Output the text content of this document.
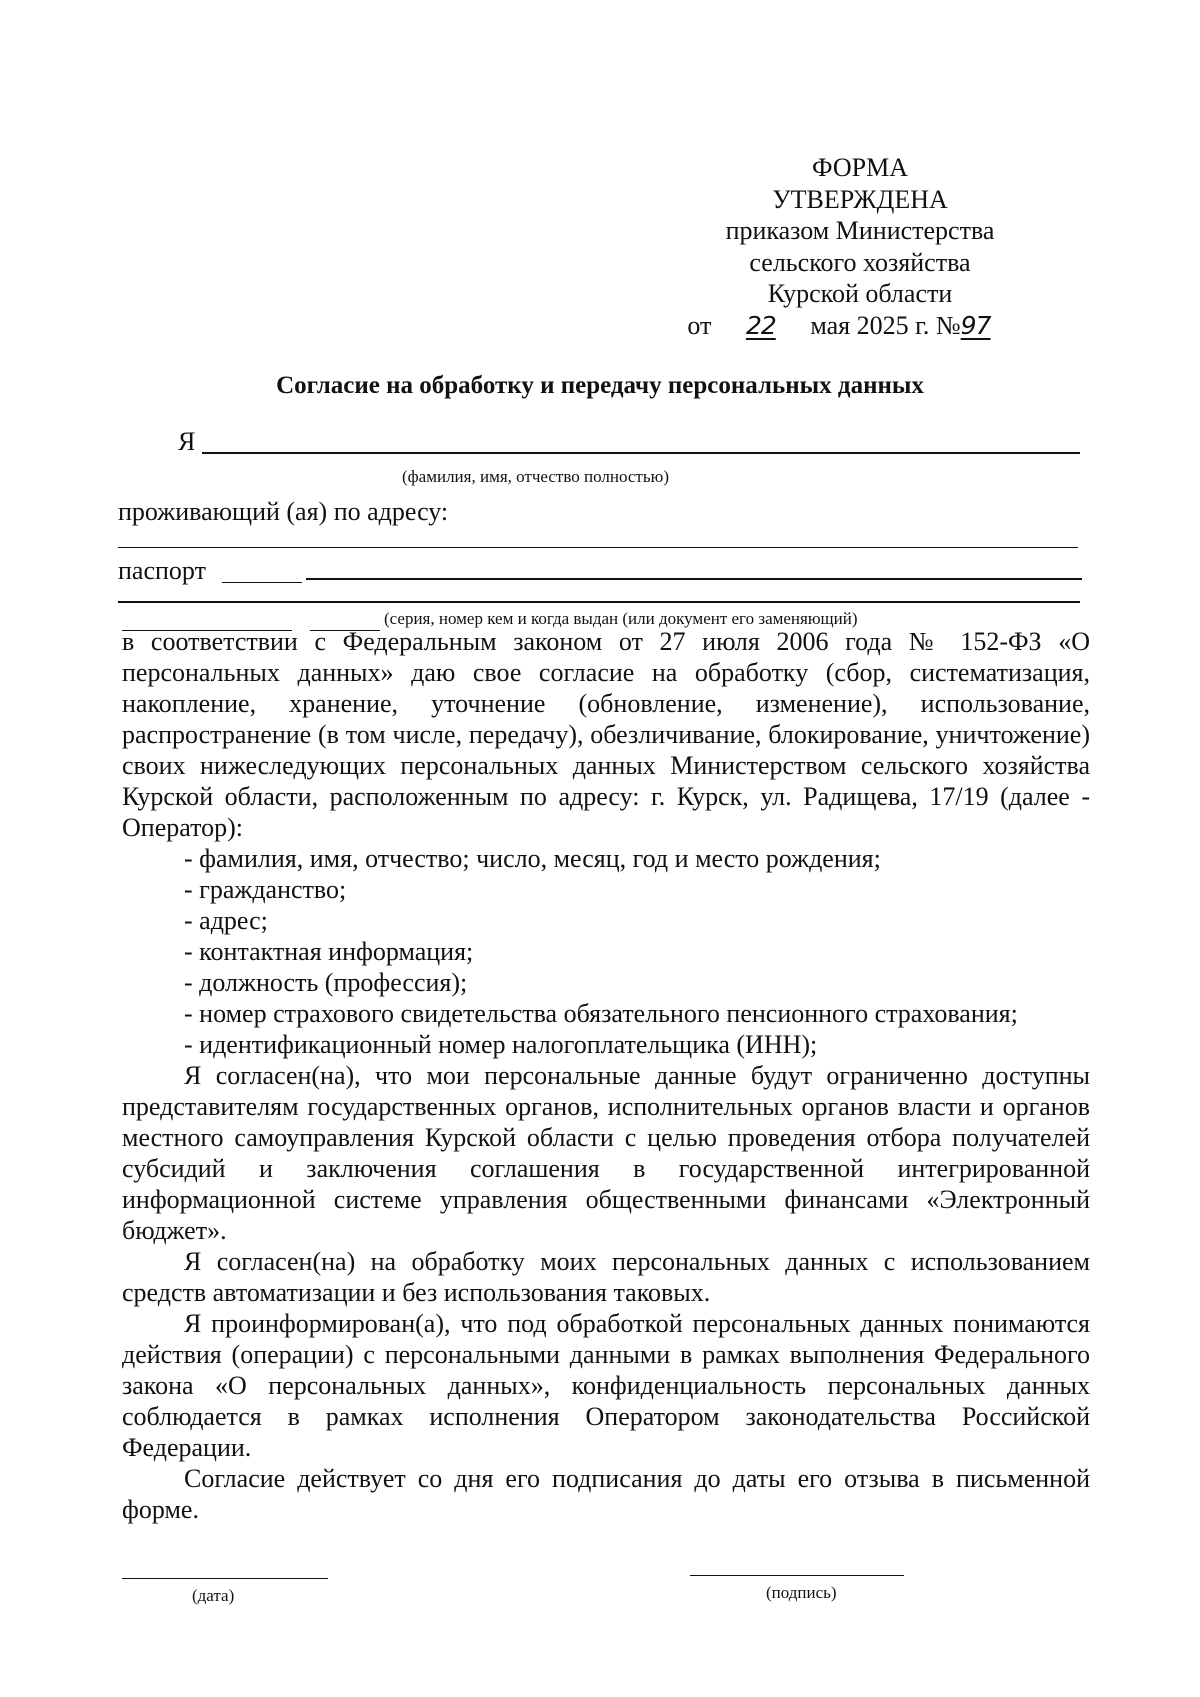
ФОРМА
УТВЕРЖДЕНА
приказом Министерства
сельского хозяйства
Курской области
от 22 мая 2025 г. №97
Согласие на обработку и передачу персональных данных
Я
(фамилия, имя, отчество полностью)
проживающий (ая) по адресу:
паспорт
(серия, номер кем и когда выдан (или документ его заменяющий)

в соответствии с Федеральным законом от 27 июля 2006 года № 152-ФЗ «О персональных данных» даю свое согласие на обработку (сбор, систематизация, накопление, хранение, уточнение (обновление, изменение), использование, распространение (в том числе, передачу), обезличивание, блокирование, уничтожение) своих нижеследующих персональных данных Министерством сельского хозяйства Курской области, расположенным по адресу: г. Курск, ул. Радищева, 17/19 (далее - Оператор):

- фамилия, имя, отчество; число, месяц, год и место рождения;

- гражданство;

- адрес;

- контактная информация;

- должность (профессия);

- номер страхового свидетельства обязательного пенсионного страхования;

- идентификационный номер налогоплательщика (ИНН);

Я согласен(на), что мои персональные данные будут ограниченно доступны представителям государственных органов, исполнительных органов власти и органов местного самоуправления Курской области с целью проведения отбора получателей субсидий и заключения соглашения в государственной интегрированной информационной системе управления общественными финансами «Электронный бюджет».

Я согласен(на) на обработку моих персональных данных с использованием средств автоматизации и без использования таковых.

Я проинформирован(а), что под обработкой персональных данных понимаются действия (операции) с персональными данными в рамках выполнения Федерального закона «О персональных данных», конфиденциальность персональных данных соблюдается в рамках исполнения Оператором законодательства Российской Федерации.

Согласие действует со дня его подписания до даты его отзыва в письменной форме.

(дата)	(подпись)
